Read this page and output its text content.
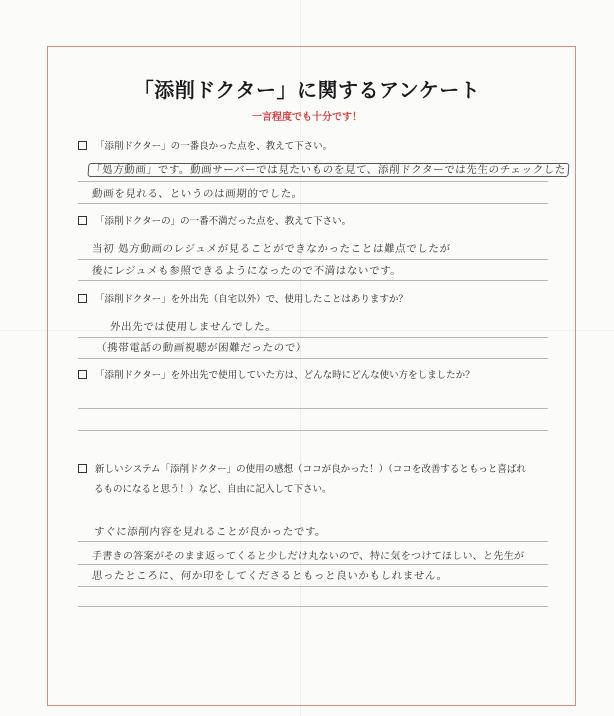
「添削ドクター」に関するアンケート
一言程度でも十分です！
「添削ドクター」の一番良かった点を、教えて下さい。
「処方動画」です。動画サーバーでは見たいものを見て、添削ドクターでは先生のチェックした
動画を見れる、というのは画期的でした。
「添削ドクターの」の一番不満だった点を、教えて下さい。
当初 処方動画のレジュメが見ることができなかったことは難点でしたが
後にレジュメも参照できるようになったので不満はないです。
「添削ドクター」を外出先（自宅以外）で、使用したことはありますか？
外出先では使用しませんでした。
（携帯電話の動画視聴が困難だったので）
「添削ドクター」を外出先で使用していた方は、どんな時にどんな使い方をしましたか？
新しいシステム「添削ドクター」の使用の感想（ココが良かった！）（ココを改善するともっと喜ばれ
るものになると思う！）など、自由に記入して下さい。
すぐに添削内容を見れることが良かったです。
手書きの答案がそのまま返ってくると少しだけ丸ないので、特に気をつけてほしい、と先生が
思ったところに、何か印をしてくださるともっと良いかもしれません。
